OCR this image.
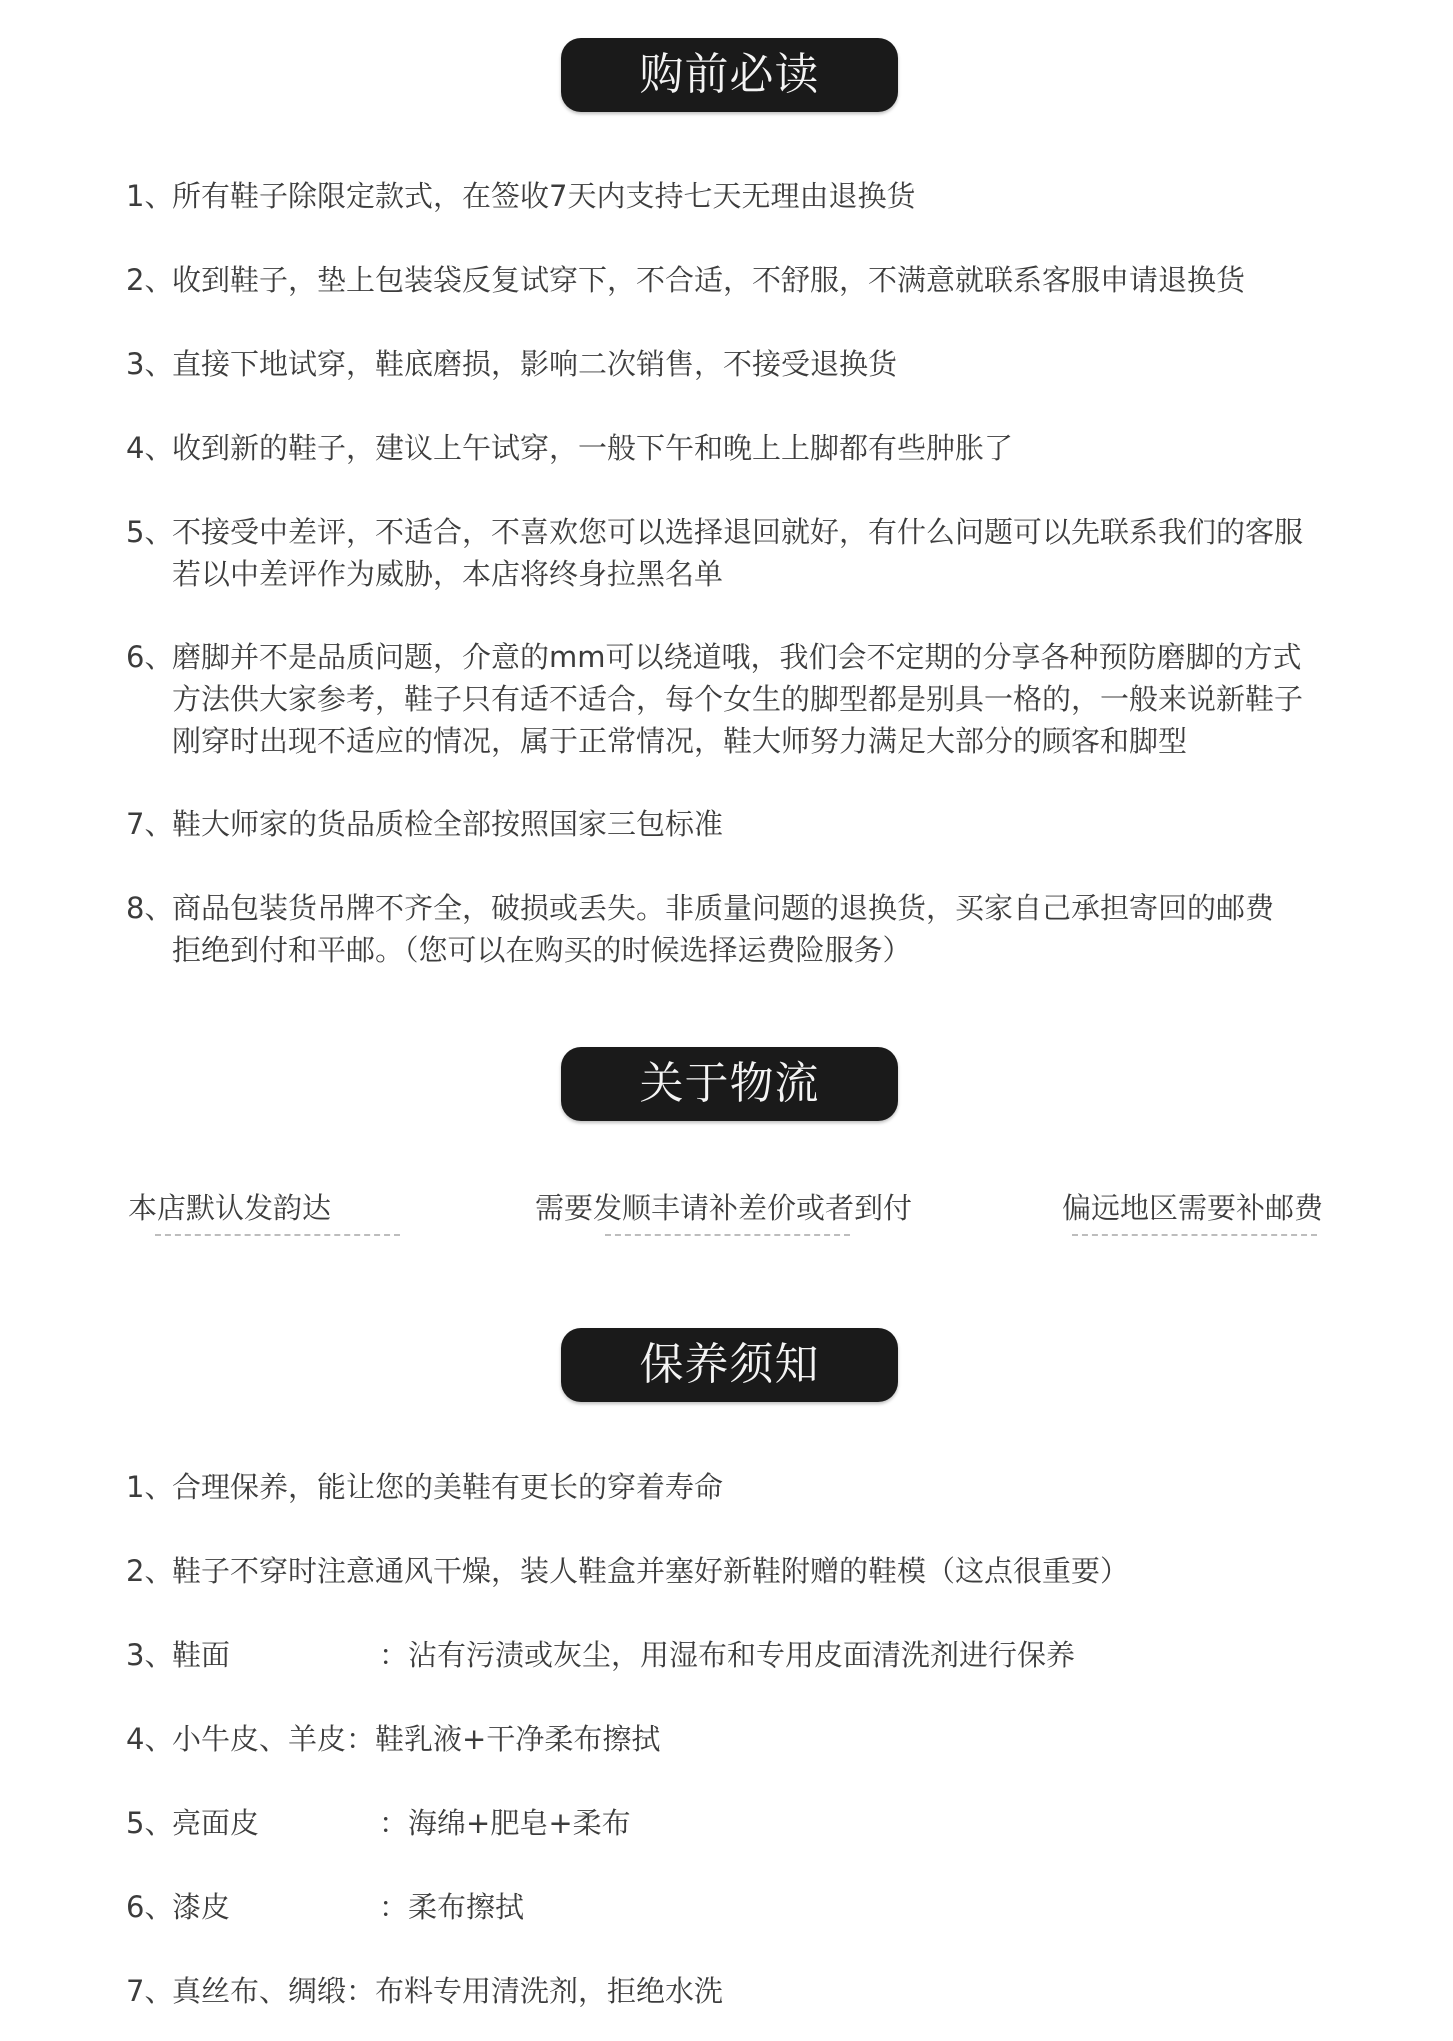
购前必读
1、
所有鞋子除限定款式，在签收7天内支持七天无理由退换货
2、
收到鞋子，垫上包装袋反复试穿下，不合适，不舒服，不满意就联系客服申请退换货
3、
直接下地试穿，鞋底磨损，影响二次销售，不接受退换货
4、
收到新的鞋子，建议上午试穿，一般下午和晚上上脚都有些肿胀了
5、
不接受中差评，不适合，不喜欢您可以选择退回就好，有什么问题可以先联系我们的客服
若以中差评作为威胁，本店将终身拉黑名单
6、
磨脚并不是品质问题，介意的mm可以绕道哦，我们会不定期的分享各种预防磨脚的方式
方法供大家参考，鞋子只有适不适合，每个女生的脚型都是别具一格的，一般来说新鞋子
刚穿时出现不适应的情况，属于正常情况，鞋大师努力满足大部分的顾客和脚型
7、
鞋大师家的货品质检全部按照国家三包标准
8、
商品包装货吊牌不齐全，破损或丢失。非质量问题的退换货，买家自己承担寄回的邮费
拒绝到付和平邮。（您可以在购买的时候选择运费险服务）
关于物流
本店默认发韵达	需要发顺丰请补差价或者到付	偏远地区需要补邮费
保养须知
1、
合理保养，能让您的美鞋有更长的穿着寿命
2、
鞋子不穿时注意通风干燥，装人鞋盒并塞好新鞋附赠的鞋模（这点很重要）
3、
鞋面	：沾有污渍或灰尘，用湿布和专用皮面清洗剂进行保养
4、
小牛皮、羊皮：鞋乳液+干净柔布擦拭
5、
亮面皮	：海绵+肥皂+柔布
6、
漆皮	：柔布擦拭
7、
真丝布、绸缎：布料专用清洗剂，拒绝水洗
